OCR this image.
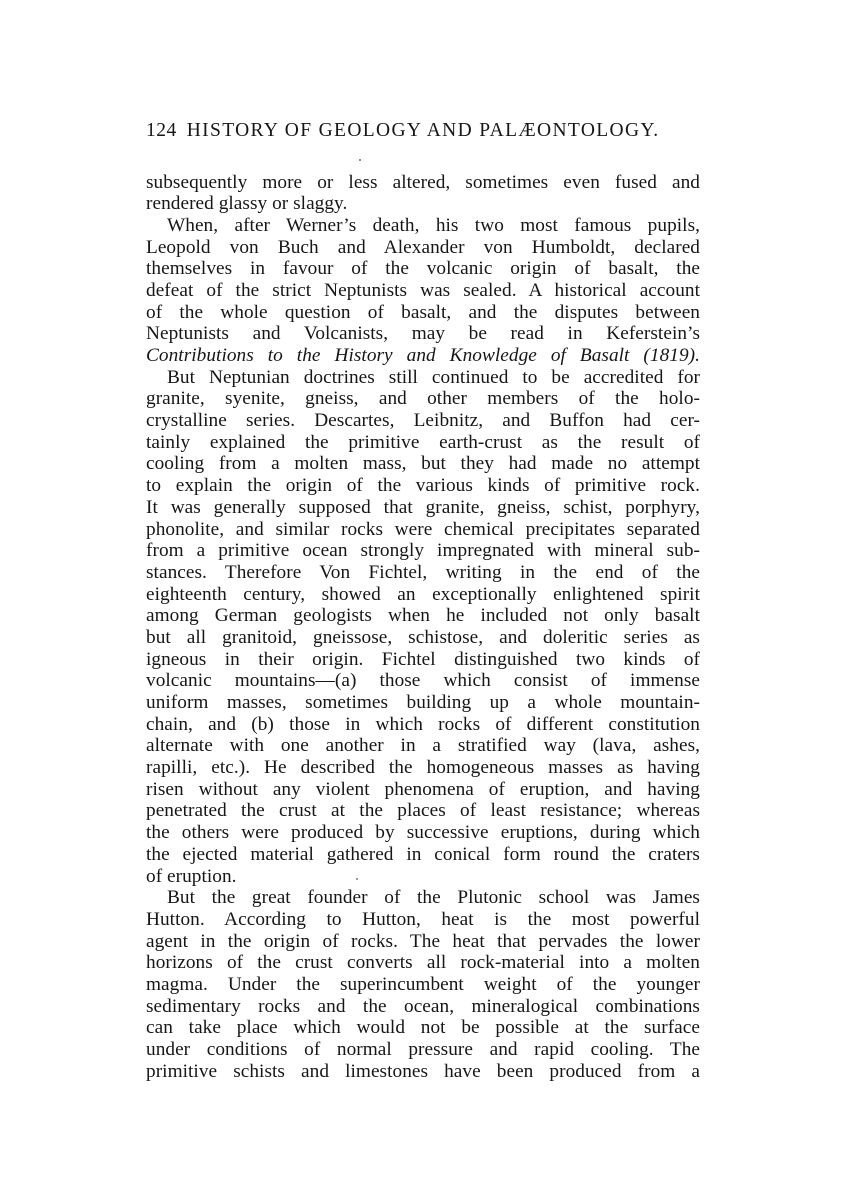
124 HISTORY OF GEOLOGY AND PALÆONTOLOGY.
subsequently more or less altered, sometimes even fused and
rendered glassy or slaggy.
When, after Werner’s death, his two most famous pupils,
Leopold von Buch and Alexander von Humboldt, declared
themselves in favour of the volcanic origin of basalt, the
defeat of the strict Neptunists was sealed. A historical account
of the whole question of basalt, and the disputes between
Neptunists and Volcanists, may be read in Keferstein’s
Contributions to the History and Knowledge of Basalt (1819).
But Neptunian doctrines still continued to be accredited for
granite, syenite, gneiss, and other members of the holo-
crystalline series. Descartes, Leibnitz, and Buffon had cer-
tainly explained the primitive earth-crust as the result of
cooling from a molten mass, but they had made no attempt
to explain the origin of the various kinds of primitive rock.
It was generally supposed that granite, gneiss, schist, porphyry,
phonolite, and similar rocks were chemical precipitates separated
from a primitive ocean strongly impregnated with mineral sub-
stances. Therefore Von Fichtel, writing in the end of the
eighteenth century, showed an exceptionally enlightened spirit
among German geologists when he included not only basalt
but all granitoid, gneissose, schistose, and doleritic series as
igneous in their origin. Fichtel distinguished two kinds of
volcanic mountains—(a) those which consist of immense
uniform masses, sometimes building up a whole mountain-
chain, and (b) those in which rocks of different constitution
alternate with one another in a stratified way (lava, ashes,
rapilli, etc.). He described the homogeneous masses as having
risen without any violent phenomena of eruption, and having
penetrated the crust at the places of least resistance; whereas
the others were produced by successive eruptions, during which
the ejected material gathered in conical form round the craters
of eruption.
But the great founder of the Plutonic school was James
Hutton. According to Hutton, heat is the most powerful
agent in the origin of rocks. The heat that pervades the lower
horizons of the crust converts all rock-material into a molten
magma. Under the superincumbent weight of the younger
sedimentary rocks and the ocean, mineralogical combinations
can take place which would not be possible at the surface
under conditions of normal pressure and rapid cooling. The
primitive schists and limestones have been produced from a
